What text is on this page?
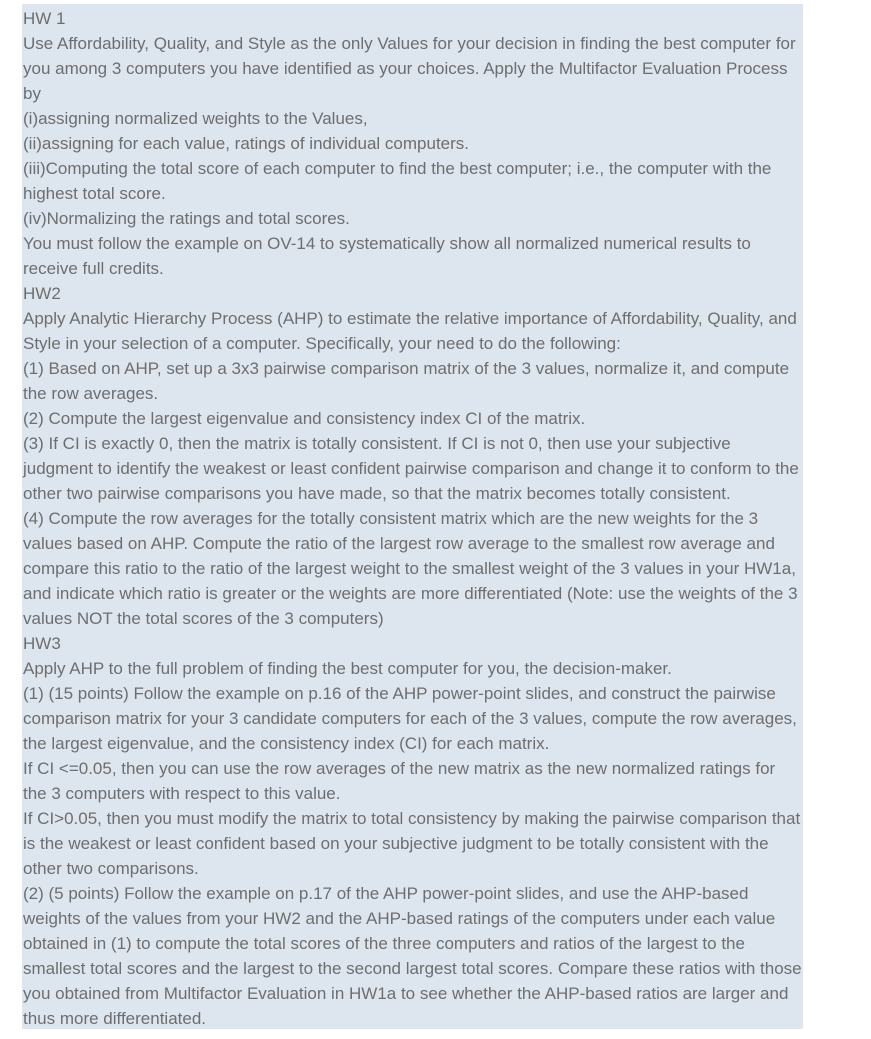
HW 1

Use Affordability, Quality, and Style as the only Values for your decision in finding the best computer for you among 3 computers you have identified as your choices. Apply the Multifactor Evaluation Process by

(i)assigning normalized weights to the Values,

(ii)assigning for each value, ratings of individual computers.

(iii)Computing the total score of each computer to find the best computer; i.e., the computer with the highest total score.

(iv)Normalizing the ratings and total scores.

You must follow the example on OV-14 to systematically show all normalized numerical results to receive full credits.

HW2

Apply Analytic Hierarchy Process (AHP) to estimate the relative importance of Affordability, Quality, and Style in your selection of a computer. Specifically, your need to do the following:

(1) Based on AHP, set up a 3x3 pairwise comparison matrix of the 3 values, normalize it, and compute the row averages.

(2) Compute the largest eigenvalue and consistency index CI of the matrix.

(3) If CI is exactly 0, then the matrix is totally consistent. If CI is not 0, then use your subjective judgment to identify the weakest or least confident pairwise comparison and change it to conform to the other two pairwise comparisons you have made, so that the matrix becomes totally consistent.

(4) Compute the row averages for the totally consistent matrix which are the new weights for the 3 values based on AHP. Compute the ratio of the largest row average to the smallest row average and compare this ratio to the ratio of the largest weight to the smallest weight of the 3 values in your HW1a, and indicate which ratio is greater or the weights are more differentiated (Note: use the weights of the 3 values NOT the total scores of the 3 computers)

HW3

Apply AHP to the full problem of finding the best computer for you, the decision-maker.

(1) (15 points) Follow the example on p.16 of the AHP power-point slides, and construct the pairwise comparison matrix for your 3 candidate computers for each of the 3 values, compute the row averages, the largest eigenvalue, and the consistency index (CI) for each matrix.

If CI <=0.05, then you can use the row averages of the new matrix as the new normalized ratings for the 3 computers with respect to this value.

If CI>0.05, then you must modify the matrix to total consistency by making the pairwise comparison that is the weakest or least confident based on your subjective judgment to be totally consistent with the other two comparisons.

(2) (5 points) Follow the example on p.17 of the AHP power-point slides, and use the AHP-based weights of the values from your HW2 and the AHP-based ratings of the computers under each value obtained in (1) to compute the total scores of the three computers and ratios of the largest to the smallest total scores and the largest to the second largest total scores. Compare these ratios with those you obtained from Multifactor Evaluation in HW1a to see whether the AHP-based ratios are larger and thus more differentiated.
